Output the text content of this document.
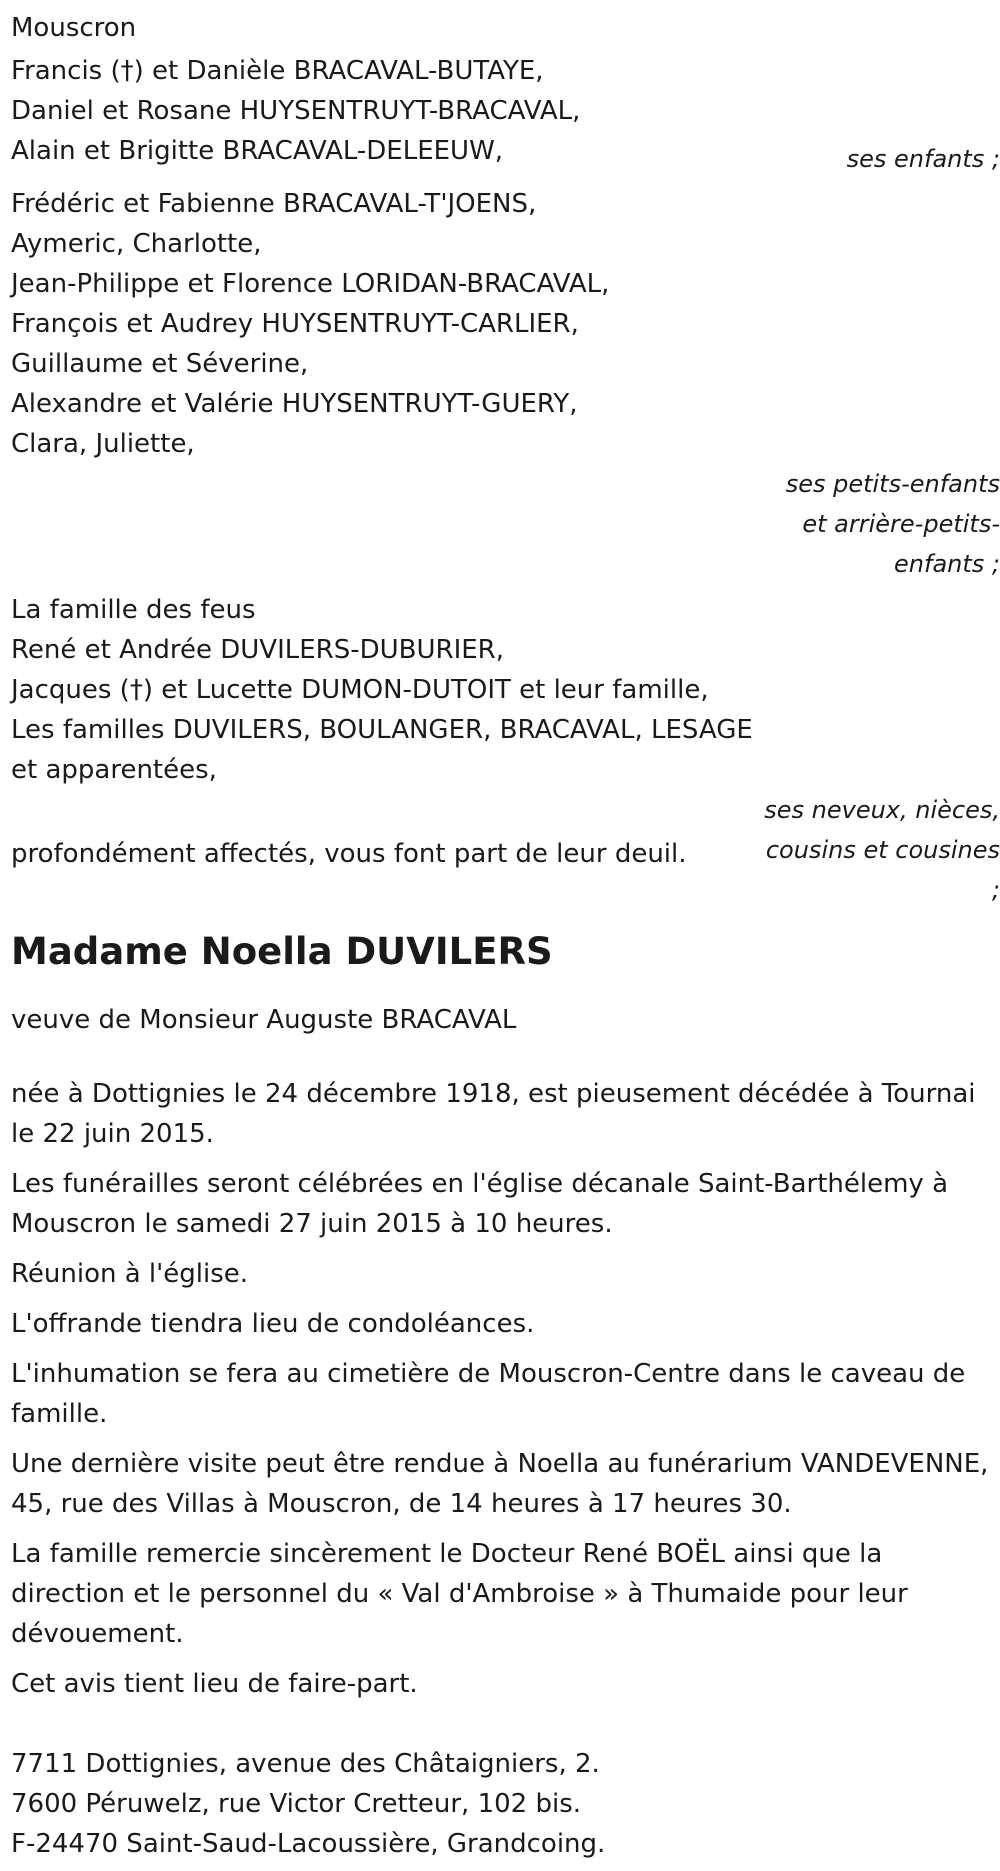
Mouscron
Francis (†) et Danièle BRACAVAL-BUTAYE,
Daniel et Rosane HUYSENTRUYT-BRACAVAL,
Alain et Brigitte BRACAVAL-DELEEUW,	ses enfants ;
Frédéric et Fabienne BRACAVAL-T'JOENS,
Aymeric, Charlotte,
Jean-Philippe et Florence LORIDAN-BRACAVAL,
François et Audrey HUYSENTRUYT-CARLIER,
Guillaume et Séverine,
Alexandre et Valérie HUYSENTRUYT-GUERY,
Clara, Juliette,
ses petits-enfants
et arrière-petits-
enfants ;
La famille des feus
René et Andrée DUVILERS-DUBURIER,
Jacques (†) et Lucette DUMON-DUTOIT et leur famille,
Les familles DUVILERS, BOULANGER, BRACAVAL, LESAGE
et apparentées,
ses neveux, nièces,
cousins et cousines
;
profondément affectés, vous font part de leur deuil.
Madame Noella DUVILERS

veuve de Monsieur Auguste BRACAVAL

née à Dottignies le 24 décembre 1918, est pieusement décédée à Tournai le 22 juin 2015.

Les funérailles seront célébrées en l'église décanale Saint-Barthélemy à Mouscron le samedi 27 juin 2015 à 10 heures.

Réunion à l'église.

L'offrande tiendra lieu de condoléances.

L'inhumation se fera au cimetière de Mouscron-Centre dans le caveau de famille.

Une dernière visite peut être rendue à Noella au funérarium VANDEVENNE, 45, rue des Villas à Mouscron, de 14 heures à 17 heures 30.

La famille remercie sincèrement le Docteur René BOËL ainsi que la direction et le personnel du « Val d'Ambroise » à Thumaide pour leur dévouement.

Cet avis tient lieu de faire-part.

7711 Dottignies, avenue des Châtaigniers, 2.
7600 Péruwelz, rue Victor Cretteur, 102 bis.
F-24470 Saint-Saud-Lacoussière, Grandcoing.
